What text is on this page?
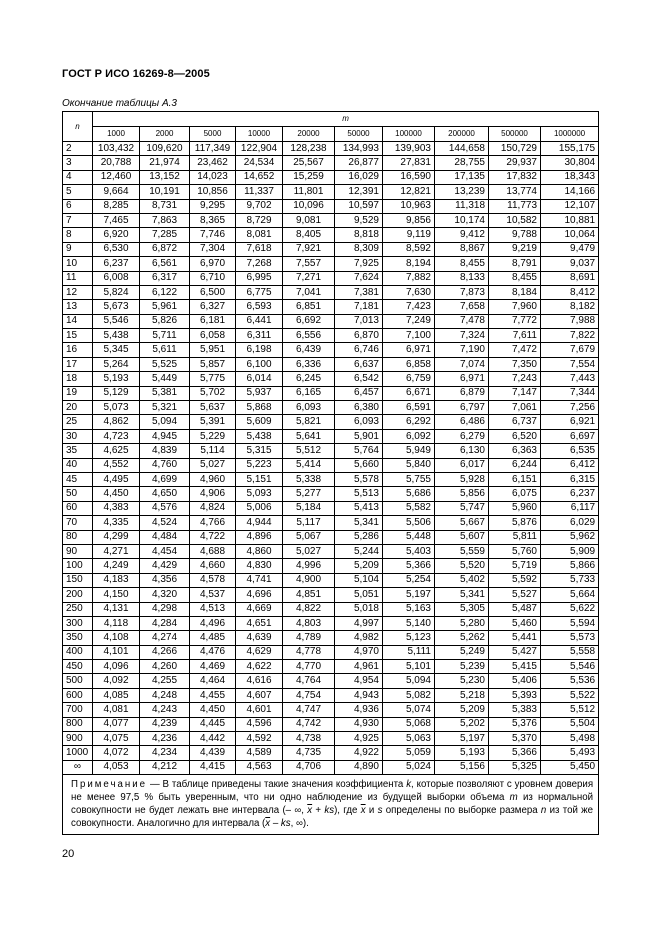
ГОСТ Р ИСО 16269-8—2005
Окончание таблицы А.3
n	m									
	1000	2000	5000	10000	20000	50000	100000	200000	500000	1000000
2	103,432	109,620	117,349	122,904	128,238	134,993	139,903	144,658	150,729	155,175
3	20,788	21,974	23,462	24,534	25,567	26,877	27,831	28,755	29,937	30,804
4	12,460	13,152	14,023	14,652	15,259	16,029	16,590	17,135	17,832	18,343
5	9,664	10,191	10,856	11,337	11,801	12,391	12,821	13,239	13,774	14,166
6	8,285	8,731	9,295	9,702	10,096	10,597	10,963	11,318	11,773	12,107
7	7,465	7,863	8,365	8,729	9,081	9,529	9,856	10,174	10,582	10,881
8	6,920	7,285	7,746	8,081	8,405	8,818	9,119	9,412	9,788	10,064
9	6,530	6,872	7,304	7,618	7,921	8,309	8,592	8,867	9,219	9,479
10	6,237	6,561	6,970	7,268	7,557	7,925	8,194	8,455	8,791	9,037
11	6,008	6,317	6,710	6,995	7,271	7,624	7,882	8,133	8,455	8,691
12	5,824	6,122	6,500	6,775	7,041	7,381	7,630	7,873	8,184	8,412
13	5,673	5,961	6,327	6,593	6,851	7,181	7,423	7,658	7,960	8,182
14	5,546	5,826	6,181	6,441	6,692	7,013	7,249	7,478	7,772	7,988
15	5,438	5,711	6,058	6,311	6,556	6,870	7,100	7,324	7,611	7,822
16	5,345	5,611	5,951	6,198	6,439	6,746	6,971	7,190	7,472	7,679
17	5,264	5,525	5,857	6,100	6,336	6,637	6,858	7,074	7,350	7,554
18	5,193	5,449	5,775	6,014	6,245	6,542	6,759	6,971	7,243	7,443
19	5,129	5,381	5,702	5,937	6,165	6,457	6,671	6,879	7,147	7,344
20	5,073	5,321	5,637	5,868	6,093	6,380	6,591	6,797	7,061	7,256
25	4,862	5,094	5,391	5,609	5,821	6,093	6,292	6,486	6,737	6,921
30	4,723	4,945	5,229	5,438	5,641	5,901	6,092	6,279	6,520	6,697
35	4,625	4,839	5,114	5,315	5,512	5,764	5,949	6,130	6,363	6,535
40	4,552	4,760	5,027	5,223	5,414	5,660	5,840	6,017	6,244	6,412
45	4,495	4,699	4,960	5,151	5,338	5,578	5,755	5,928	6,151	6,315
50	4,450	4,650	4,906	5,093	5,277	5,513	5,686	5,856	6,075	6,237
60	4,383	4,576	4,824	5,006	5,184	5,413	5,582	5,747	5,960	6,117
70	4,335	4,524	4,766	4,944	5,117	5,341	5,506	5,667	5,876	6,029
80	4,299	4,484	4,722	4,896	5,067	5,286	5,448	5,607	5,811	5,962
90	4,271	4,454	4,688	4,860	5,027	5,244	5,403	5,559	5,760	5,909
100	4,249	4,429	4,660	4,830	4,996	5,209	5,366	5,520	5,719	5,866
150	4,183	4,356	4,578	4,741	4,900	5,104	5,254	5,402	5,592	5,733
200	4,150	4,320	4,537	4,696	4,851	5,051	5,197	5,341	5,527	5,664
250	4,131	4,298	4,513	4,669	4,822	5,018	5,163	5,305	5,487	5,622
300	4,118	4,284	4,496	4,651	4,803	4,997	5,140	5,280	5,460	5,594
350	4,108	4,274	4,485	4,639	4,789	4,982	5,123	5,262	5,441	5,573
400	4,101	4,266	4,476	4,629	4,778	4,970	5,111	5,249	5,427	5,558
450	4,096	4,260	4,469	4,622	4,770	4,961	5,101	5,239	5,415	5,546
500	4,092	4,255	4,464	4,616	4,764	4,954	5,094	5,230	5,406	5,536
600	4,085	4,248	4,455	4,607	4,754	4,943	5,082	5,218	5,393	5,522
700	4,081	4,243	4,450	4,601	4,747	4,936	5,074	5,209	5,383	5,512
800	4,077	4,239	4,445	4,596	4,742	4,930	5,068	5,202	5,376	5,504
900	4,075	4,236	4,442	4,592	4,738	4,925	5,063	5,197	5,370	5,498
1000	4,072	4,234	4,439	4,589	4,735	4,922	5,059	5,193	5,366	5,493
∞	4,053	4,212	4,415	4,563	4,706	4,890	5,024	5,156	5,325	5,450
Примечание — В таблице приведены такие значения коэффициента k, которые позволяют с уровнем доверия не менее 97,5 % быть уверенным, что ни одно наблюдение из будущей выборки объема m из нормальной совокупности не будет лежать вне интервала (– ∞, $\overline{x} + ks$), где $\overline{x}$ и s определены по выборке размера n из той же совокупности. Аналогично для интервала ($\overline{x}$ – ks, ∞).										
20
